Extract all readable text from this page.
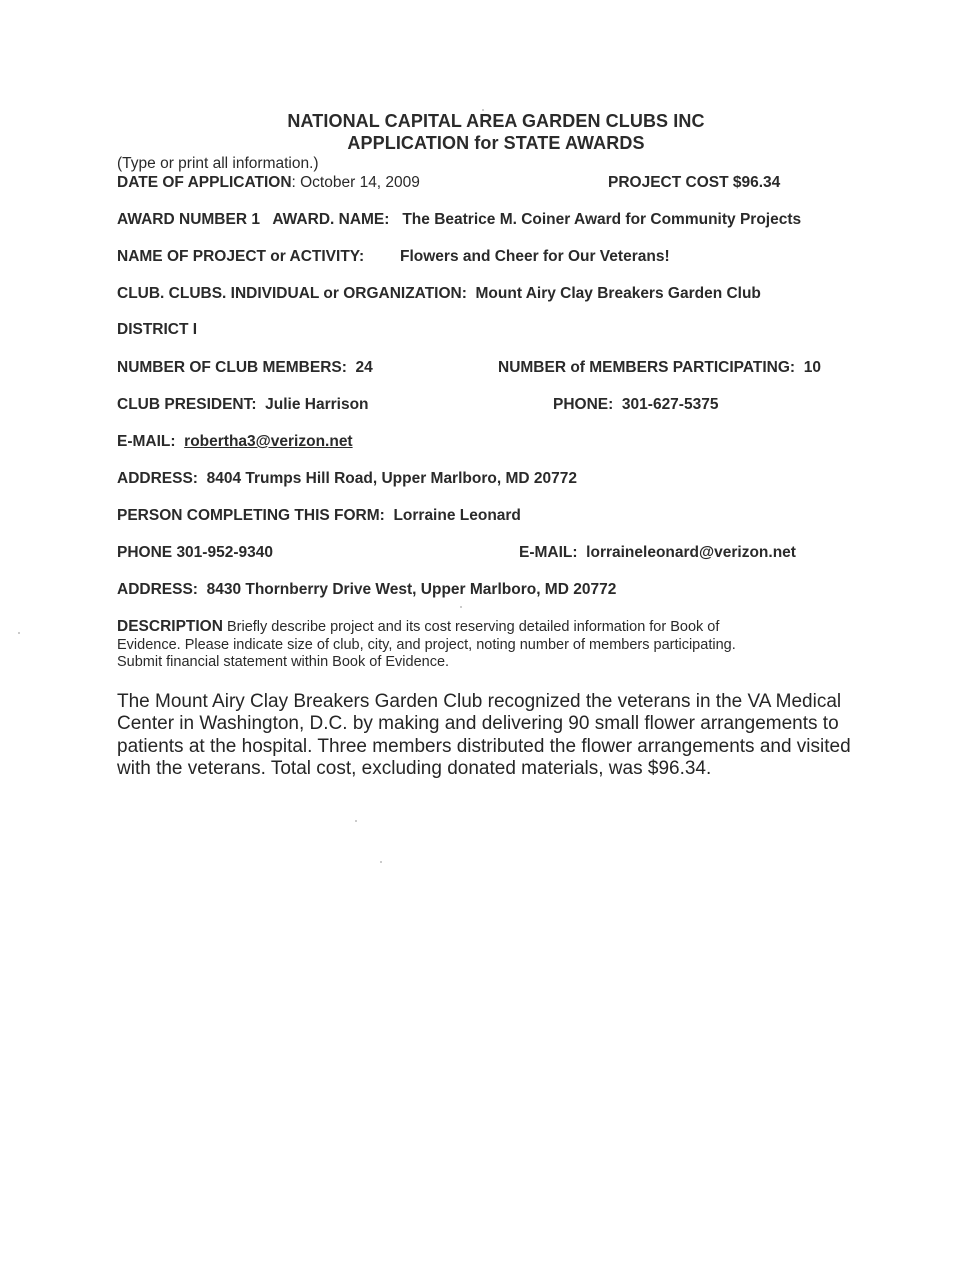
NATIONAL CAPITAL AREA GARDEN CLUBS INC
APPLICATION for STATE AWARDS
(Type or print all information.)
DATE OF APPLICATION: October 14, 2009	PROJECT COST $96.34
AWARD NUMBER 1 AWARD. NAME: The Beatrice M. Coiner Award for Community Projects
NAME OF PROJECT or ACTIVITY: Flowers and Cheer for Our Veterans!
CLUB. CLUBS. INDIVIDUAL or ORGANIZATION: Mount Airy Clay Breakers Garden Club
DISTRICT I
NUMBER OF CLUB MEMBERS: 24	NUMBER of MEMBERS PARTICIPATING: 10
CLUB PRESIDENT: Julie Harrison	PHONE: 301-627-5375
E-MAIL: robertha3@verizon.net
ADDRESS: 8404 Trumps Hill Road, Upper Marlboro, MD 20772
PERSON COMPLETING THIS FORM: Lorraine Leonard
PHONE 301-952-9340	E-MAIL: lorraineleonard@verizon.net
ADDRESS: 8430 Thornberry Drive West, Upper Marlboro, MD 20772
DESCRIPTION Briefly describe project and its cost reserving detailed information for Book of
Evidence. Please indicate size of club, city, and project, noting number of members participating.
Submit financial statement within Book of Evidence.
The Mount Airy Clay Breakers Garden Club recognized the veterans in the VA Medical
Center in Washington, D.C. by making and delivering 90 small flower arrangements to
patients at the hospital. Three members distributed the flower arrangements and visited
with the veterans. Total cost, excluding donated materials, was $96.34.
